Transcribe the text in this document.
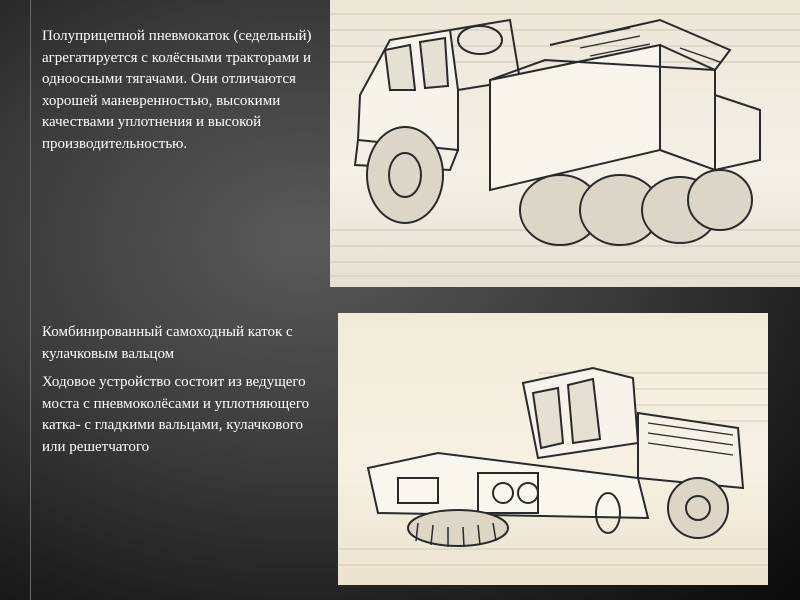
Полуприцепной пневмокаток (седельный) агрегатируется с колёсными тракторами и одноосными тягачами. Они отличаются хорошей маневренностью, высокими качествами уплотнения и высокой производительностью.

Комбинированный самоходный каток с кулачковым вальцом

Ходовое устройство состоит из ведущего моста с пневмоколёсами и уплотняющего катка- с гладкими вальцами, кулачкового или решетчатого
